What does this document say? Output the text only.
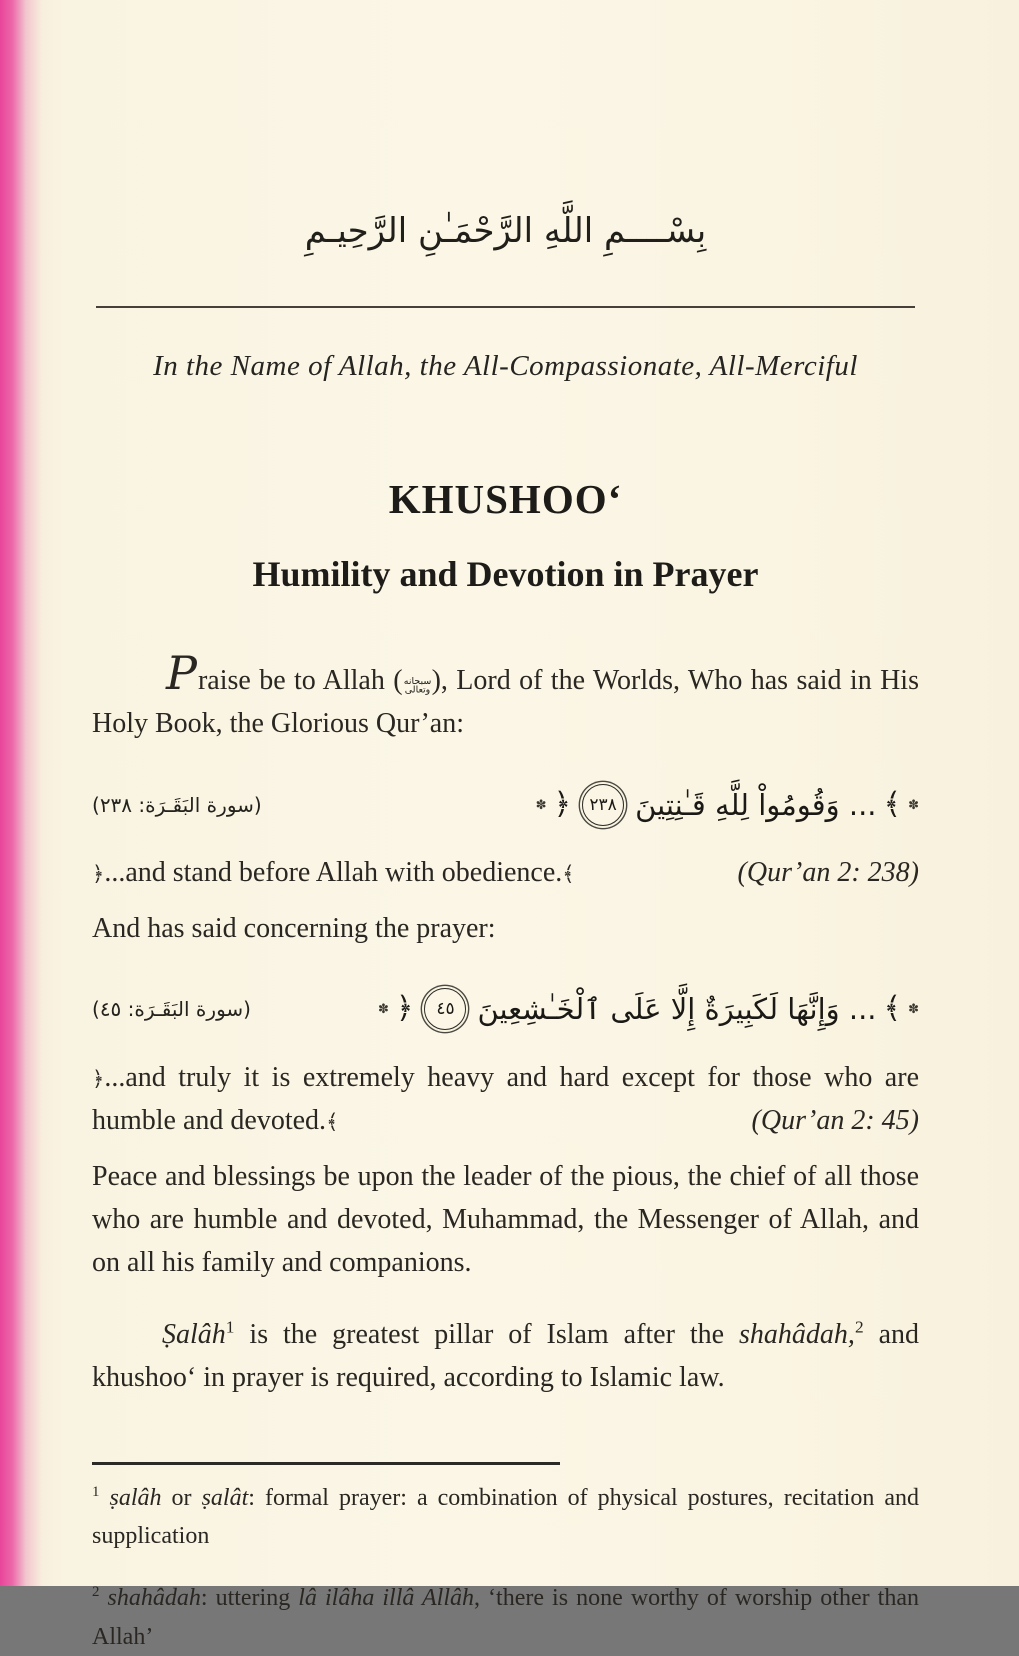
بِسْــــمِ اللَّهِ الرَّحْمَـٰنِ الرَّحِيـمِ
In the Name of Allah, the All-Compassionate, All-Merciful
KHUSHOO‘
Humility and Devotion in Prayer

Praise be to Allah (سبحانه
وتعالى), Lord of the Worlds, Who has said in His Holy Book, the Glorious Qur’an:

(سورة البَقَـرَة: ٢٣٨)	✽ ﴿	٢٣٨ ... وَقُومُواْ لِلَّهِ قَـٰنِتِينَ ﴾ ✽
﴿...and stand before Allah with obedience.﴾	(Qur’an 2: 238)

And has said concerning the prayer:

(سورة البَقَـرَة: ٤٥)	✽ ﴿	٤٥ ... وَإِنَّهَا لَكَبِيرَةٌ إِلَّا عَلَى ٱلْخَـٰشِعِينَ ﴾ ✽
﴿...and truly it is extremely heavy and hard except for those who are humble and devoted.﴾	(Qur’an 2: 45)

Peace and blessings be upon the leader of the pious, the chief of all those who are humble and devoted, Muhammad, the Messenger of Allah, and on all his family and companions.

Ṣalâh$^1$ is the greatest pillar of Islam after the shahâdah,$^2$ and khushoo‘ in prayer is required, according to Islamic law.

$^1$ ṣalâh or ṣalât: formal prayer: a combination of physical postures, recitation and supplication

$^2$ shahâdah: uttering lâ ilâha illâ Allâh, ‘there is none worthy of worship other than Allah’
